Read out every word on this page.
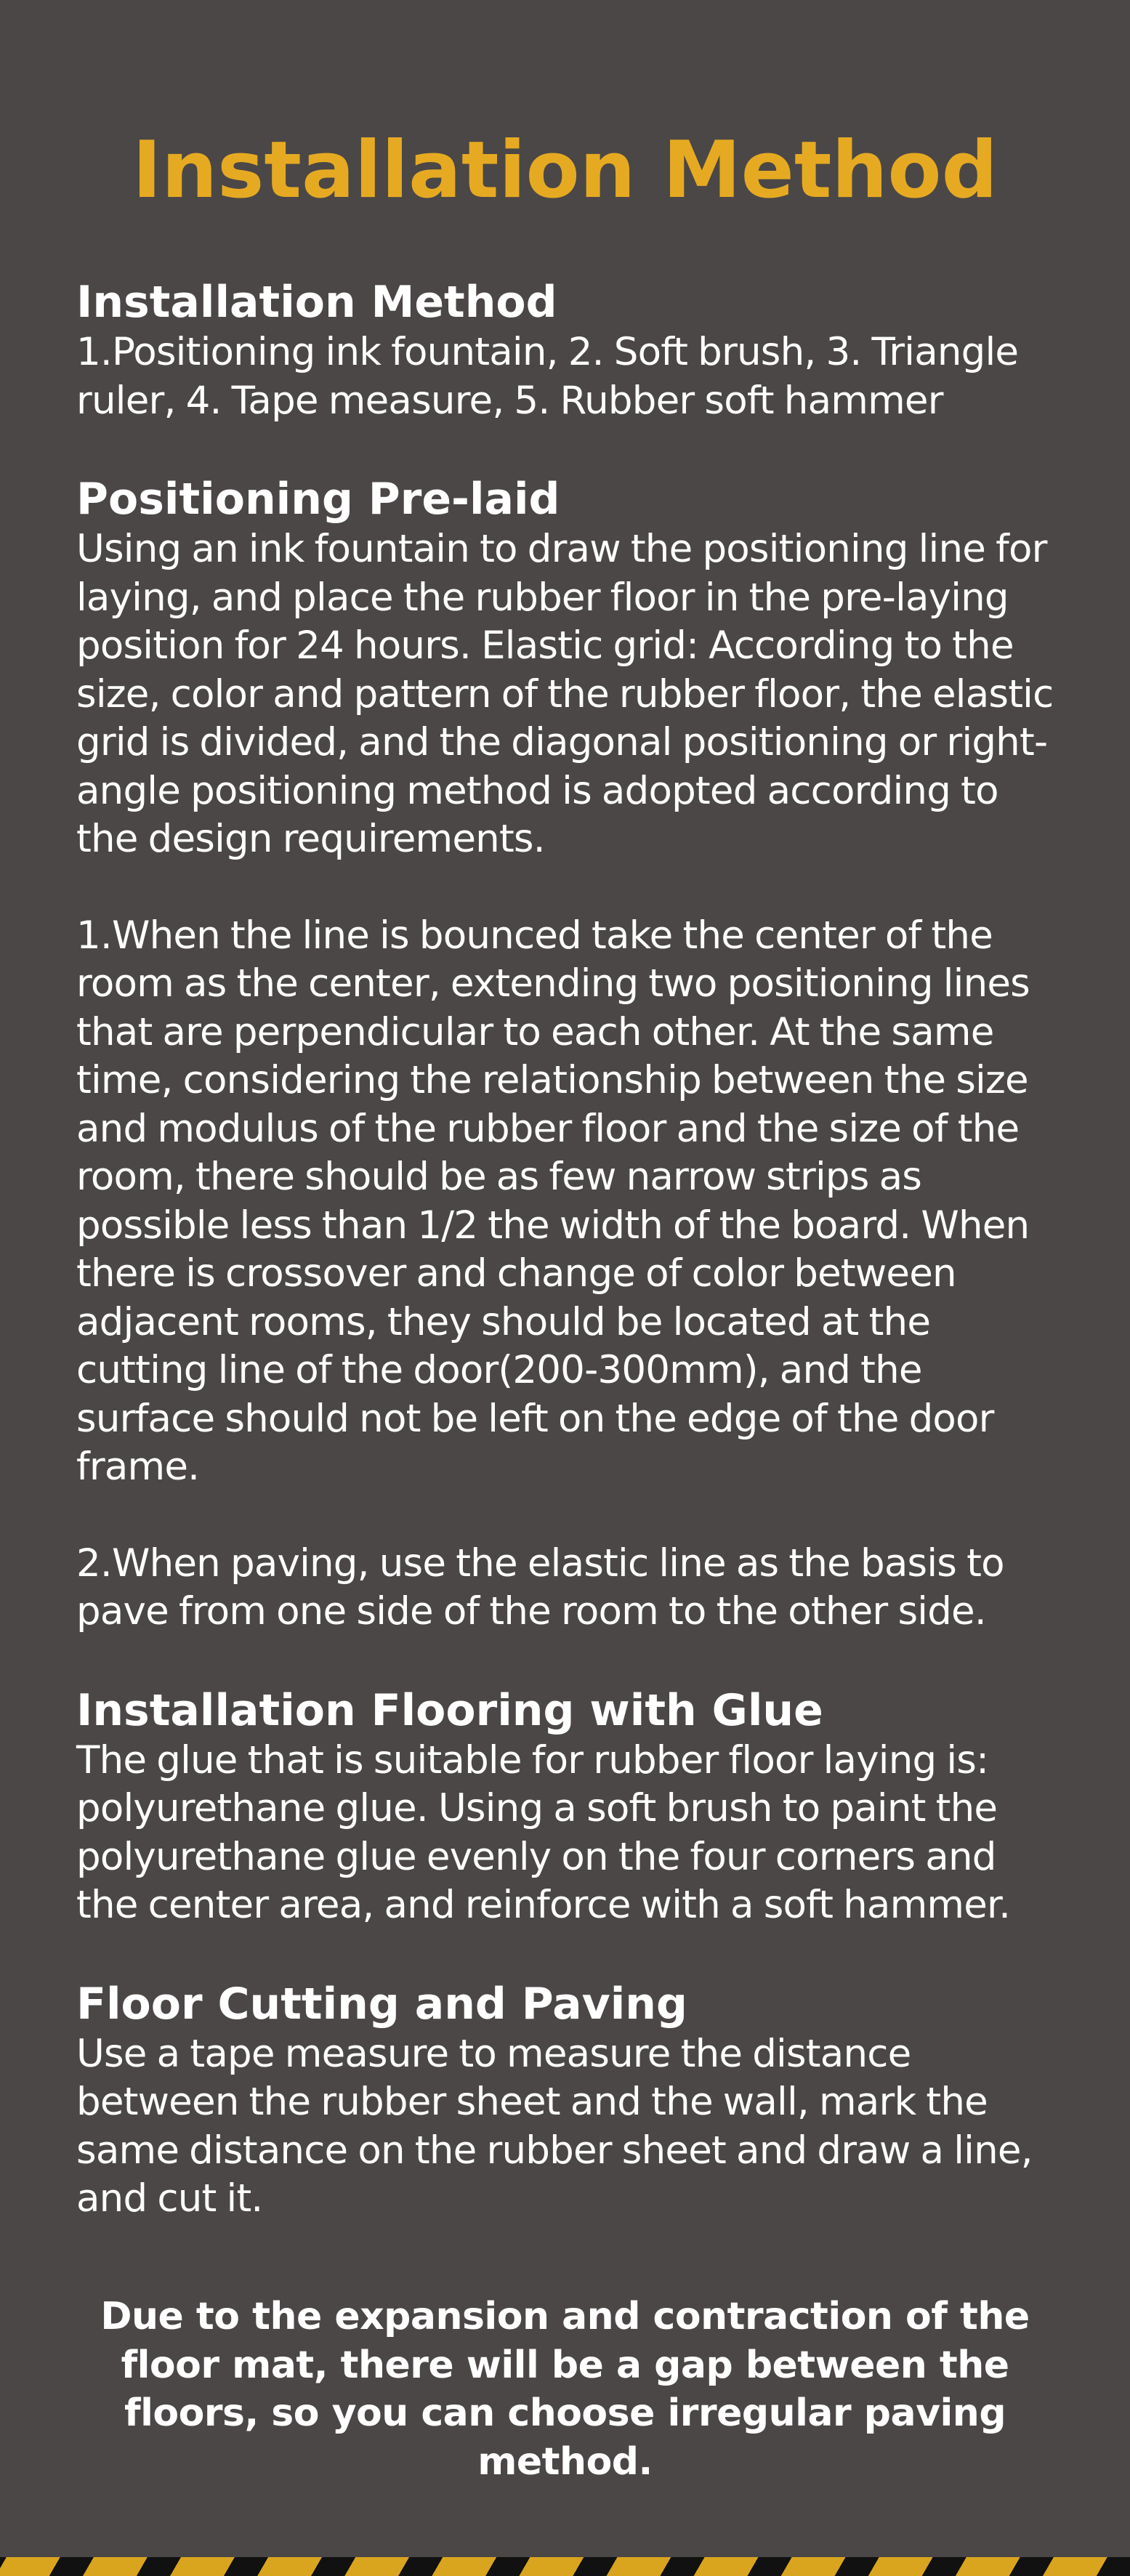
Installation Method
Installation Method

1.Positioning ink fountain, 2. Soft brush, 3. Triangle ruler, 4. Tape measure, 5. Rubber soft hammer

Positioning Pre-laid

Using an ink fountain to draw the positioning line for laying, and place the rubber floor in the pre-laying position for 24 hours. Elastic grid: According to the size, color and pattern of the rubber floor, the elastic grid is divided, and the diagonal positioning or right-angle positioning method is adopted according to the design requirements.

1.When the line is bounced take the center of the room as the center, extending two positioning lines that are perpendicular to each other. At the same time, considering the relationship between the size and modulus of the rubber floor and the size of the room, there should be as few narrow strips as possible less than 1/2 the width of the board. When there is crossover and change of color between adjacent rooms, they should be located at the cutting line of the door(200-300mm), and the surface should not be left on the edge of the door frame.

2.When paving, use the elastic line as the basis to pave from one side of the room to the other side.

Installation Flooring with Glue

The glue that is suitable for rubber floor laying is: polyurethane glue. Using a soft brush to paint the polyurethane glue evenly on the four corners and the center area, and reinforce with a soft hammer.

Floor Cutting and Paving

Use a tape measure to measure the distance between the rubber sheet and the wall, mark the same distance on the rubber sheet and draw a line, and cut it.

Due to the expansion and contraction of the floor mat, there will be a gap between the floors, so you can choose irregular paving method.
